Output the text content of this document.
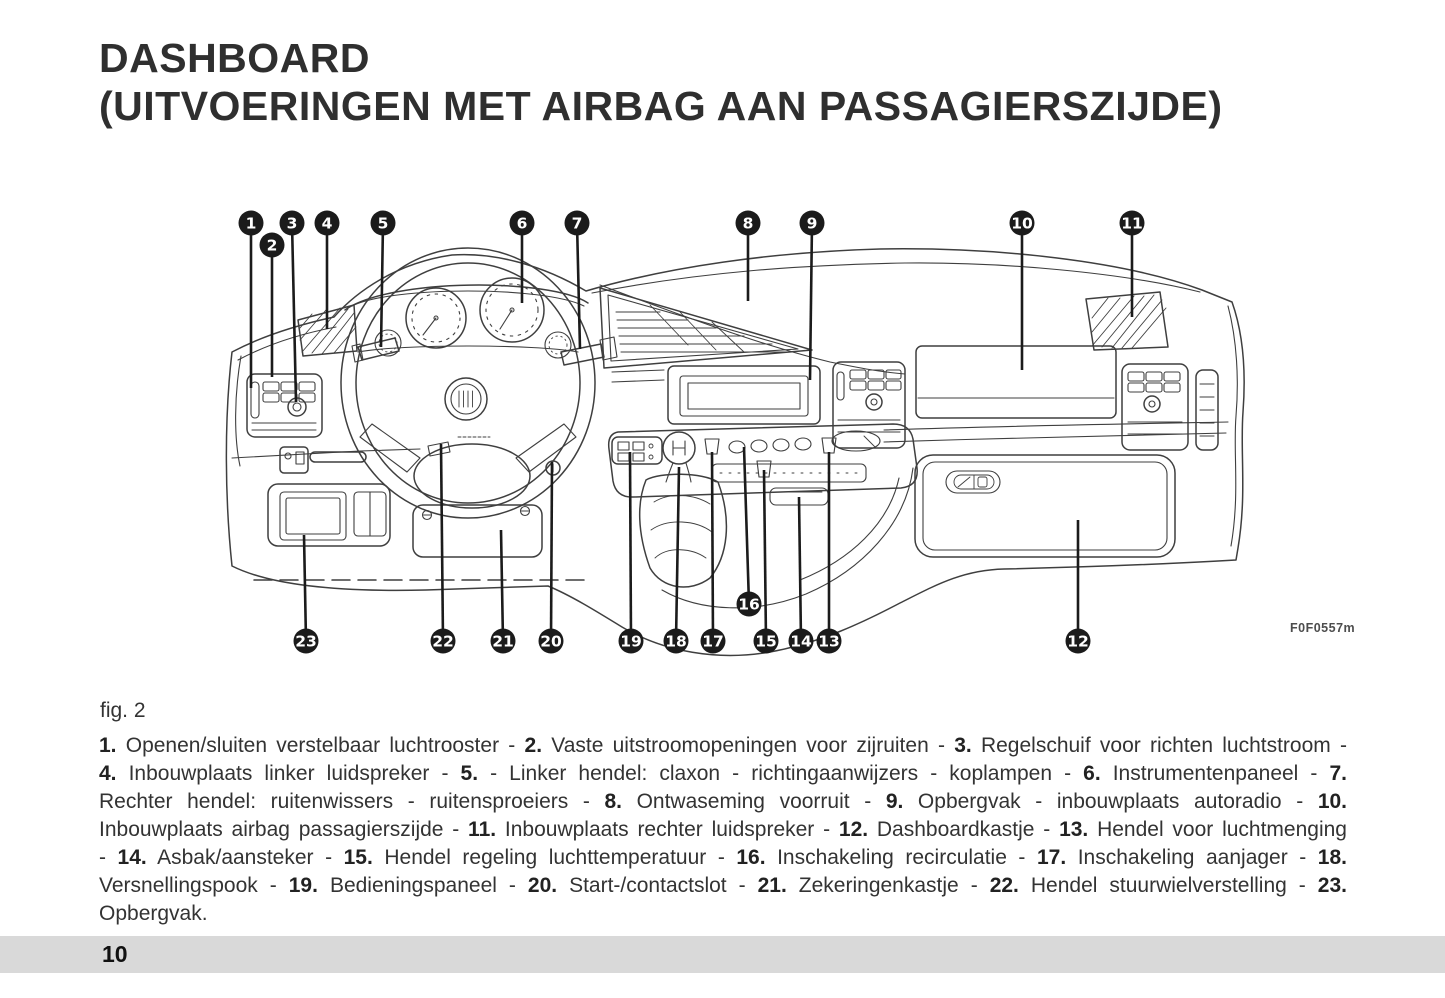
DASHBOARD
(UITVOERINGEN MET AIRBAG AAN PASSAGIERSZIJDE)
1
2
3 4	5	6	7	8	9	10	11
12
13
14
15
16
17
18
19
20
21
22
23
F0F0557m
fig. 2

1. Openen/sluiten verstelbaar luchtrooster - 2. Vaste uitstroomopeningen voor zijruiten - 3. Regelschuif voor richten luchtstroom - 4. Inbouwplaats linker luidspreker - 5. - Linker hendel: claxon - richtingaanwijzers - koplampen - 6. Instrumentenpaneel - 7. Rechter hendel: ruitenwissers - ruitensproeiers - 8. Ontwaseming voorruit - 9. Opbergvak - inbouwplaats autoradio - 10. Inbouwplaats airbag passagierszijde - 11. Inbouwplaats rechter luidspreker - 12. Dashboardkastje - 13. Hendel voor luchtmenging - 14. Asbak/aansteker - 15. Hendel regeling luchttemperatuur - 16. Inschakeling recirculatie - 17. Inschakeling aanjager - 18. Versnellingspook - 19. Bedieningspaneel - 20. Start-/contactslot - 21. Zekeringenkastje - 22. Hendel stuurwielverstelling - 23. Opbergvak.

10
